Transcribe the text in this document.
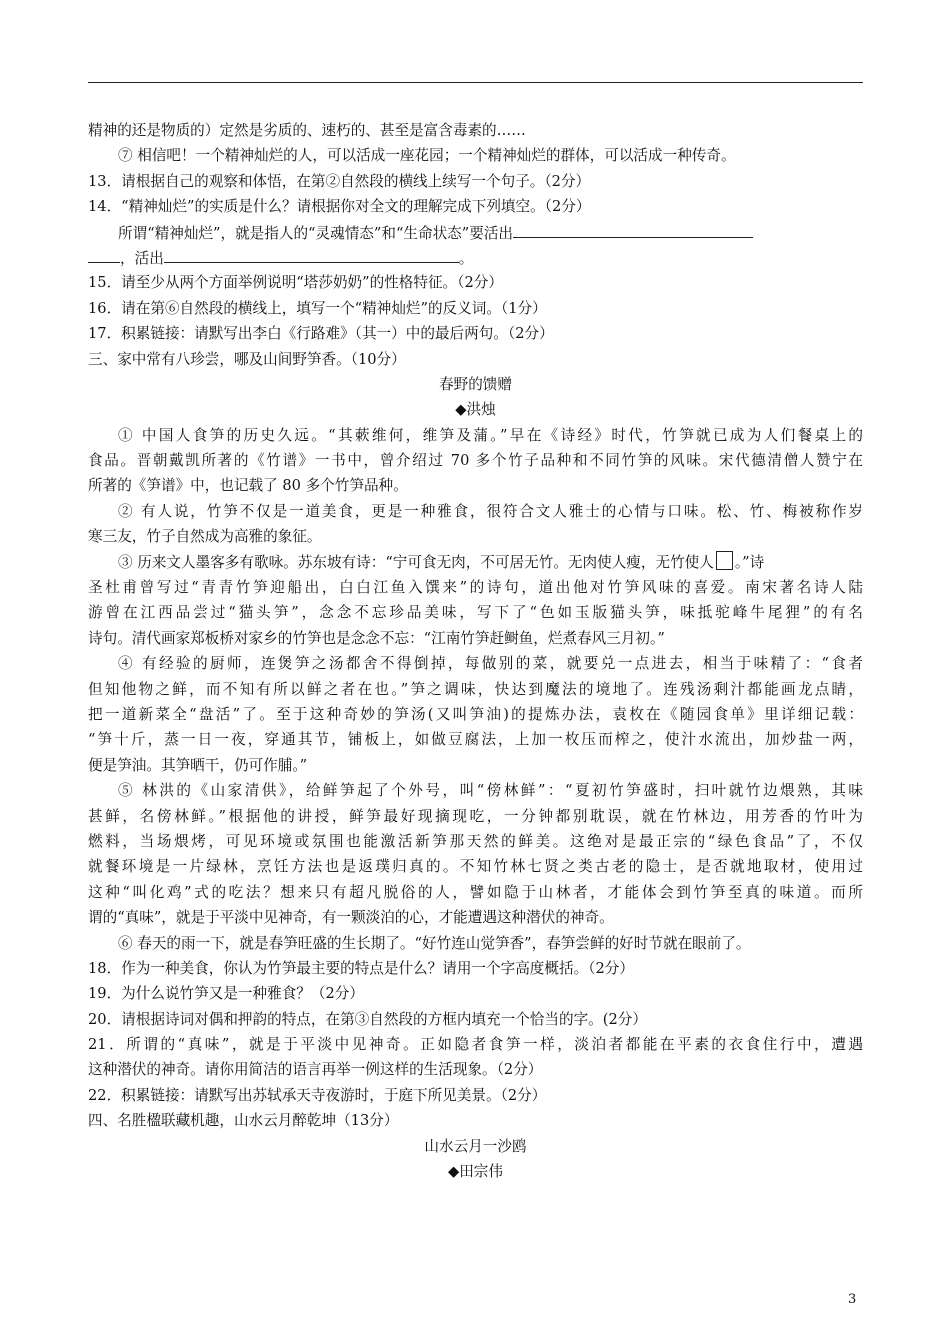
精神的还是物质的）定然是劣质的、速朽的、甚至是富含毒素的……
⑦ 相信吧！一个精神灿烂的人，可以活成一座花园；一个精神灿烂的群体，可以活成一种传奇。
13．请根据自己的观察和体悟，在第②自然段的横线上续写一个句子。（2分）
14．“精神灿烂”的实质是什么？请根据你对全文的理解完成下列填空。（2分）
所谓“精神灿烂”，就是指人的“灵魂情态”和“生命状态”要活出
，活出	。
15．请至少从两个方面举例说明“塔莎奶奶”的性格特征。（2分）
16．请在第⑥自然段的横线上，填写一个“精神灿烂”的反义词。（1分）
17．积累链接：请默写出李白《行路难》（其一）中的最后两句。（2分）
三、家中常有八珍尝，哪及山间野笋香。（10分）
春野的馈赠
◆洪烛
① 中国人食笋的历史久远。“其蔌维何，维笋及蒲。”早在《诗经》时代，竹笋就已成为人们餐桌上的
食品。晋朝戴凯所著的《竹谱》一书中，曾介绍过 70 多个竹子品种和不同竹笋的风味。宋代德清僧人赞宁在
所著的《笋谱》中，也记载了 80 多个竹笋品种。
② 有人说，竹笋不仅是一道美食，更是一种雅食，很符合文人雅士的心情与口味。松、竹、梅被称作岁
寒三友，竹子自然成为高雅的象征。
③ 历来文人墨客多有歌咏。苏东坡有诗：“宁可食无肉，不可居无竹。无肉使人瘦，无竹使人 。”诗
圣杜甫曾写过“青青竹笋迎船出，白白江鱼入馔来”的诗句，道出他对竹笋风味的喜爱。南宋著名诗人陆
游曾在江西品尝过“猫头笋”，念念不忘珍品美味，写下了“色如玉版猫头笋，味抵驼峰牛尾狸”的有名
诗句。清代画家郑板桥对家乡的竹笋也是念念不忘：“江南竹笋赶鲥鱼，烂煮春风三月初。”
④ 有经验的厨师，连煲笋之汤都舍不得倒掉，每做别的菜，就要兑一点进去，相当于味精了：“食者
但知他物之鲜，而不知有所以鲜之者在也。”笋之调味，快达到魔法的境地了。连残汤剩汁都能画龙点睛，
把一道新菜全“盘活”了。至于这种奇妙的笋汤(又叫笋油)的提炼办法，袁枚在《随园食单》里详细记载：
“笋十斤，蒸一日一夜，穿通其节，铺板上，如做豆腐法，上加一枚压而榨之，使汁水流出，加炒盐一两，
便是笋油。其笋晒干，仍可作脯。”
⑤ 林洪的《山家清供》，给鲜笋起了个外号，叫“傍林鲜”：“夏初竹笋盛时，扫叶就竹边煨熟，其味
甚鲜，名傍林鲜。”根据他的讲授，鲜笋最好现摘现吃，一分钟都别耽误，就在竹林边，用芳香的竹叶为
燃料，当场煨烤，可见环境或氛围也能激活新笋那天然的鲜美。这绝对是最正宗的“绿色食品”了，不仅
就餐环境是一片绿林，烹饪方法也是返璞归真的。不知竹林七贤之类古老的隐士，是否就地取材，使用过
这种“叫化鸡”式的吃法？想来只有超凡脱俗的人，譬如隐于山林者，才能体会到竹笋至真的味道。而所
谓的“真味”，就是于平淡中见神奇，有一颗淡泊的心，才能遭遇这种潜伏的神奇。
⑥ 春天的雨一下，就是春笋旺盛的生长期了。“好竹连山觉笋香”，春笋尝鲜的好时节就在眼前了。
18．作为一种美食，你认为竹笋最主要的特点是什么？请用一个字高度概括。（2分）
19．为什么说竹笋又是一种雅食？（2分）
20．请根据诗词对偶和押韵的特点，在第③自然段的方框内填充一个恰当的字。(2分）
21．所谓的“真味”，就是于平淡中见神奇。正如隐者食笋一样，淡泊者都能在平素的衣食住行中，遭遇
这种潜伏的神奇。请你用简洁的语言再举一例这样的生活现象。（2分）
22．积累链接：请默写出苏轼承天寺夜游时，于庭下所见美景。（2分）
四、名胜楹联藏机趣，山水云月醉乾坤（13分）
山水云月一沙鸥
◆田宗伟
3
